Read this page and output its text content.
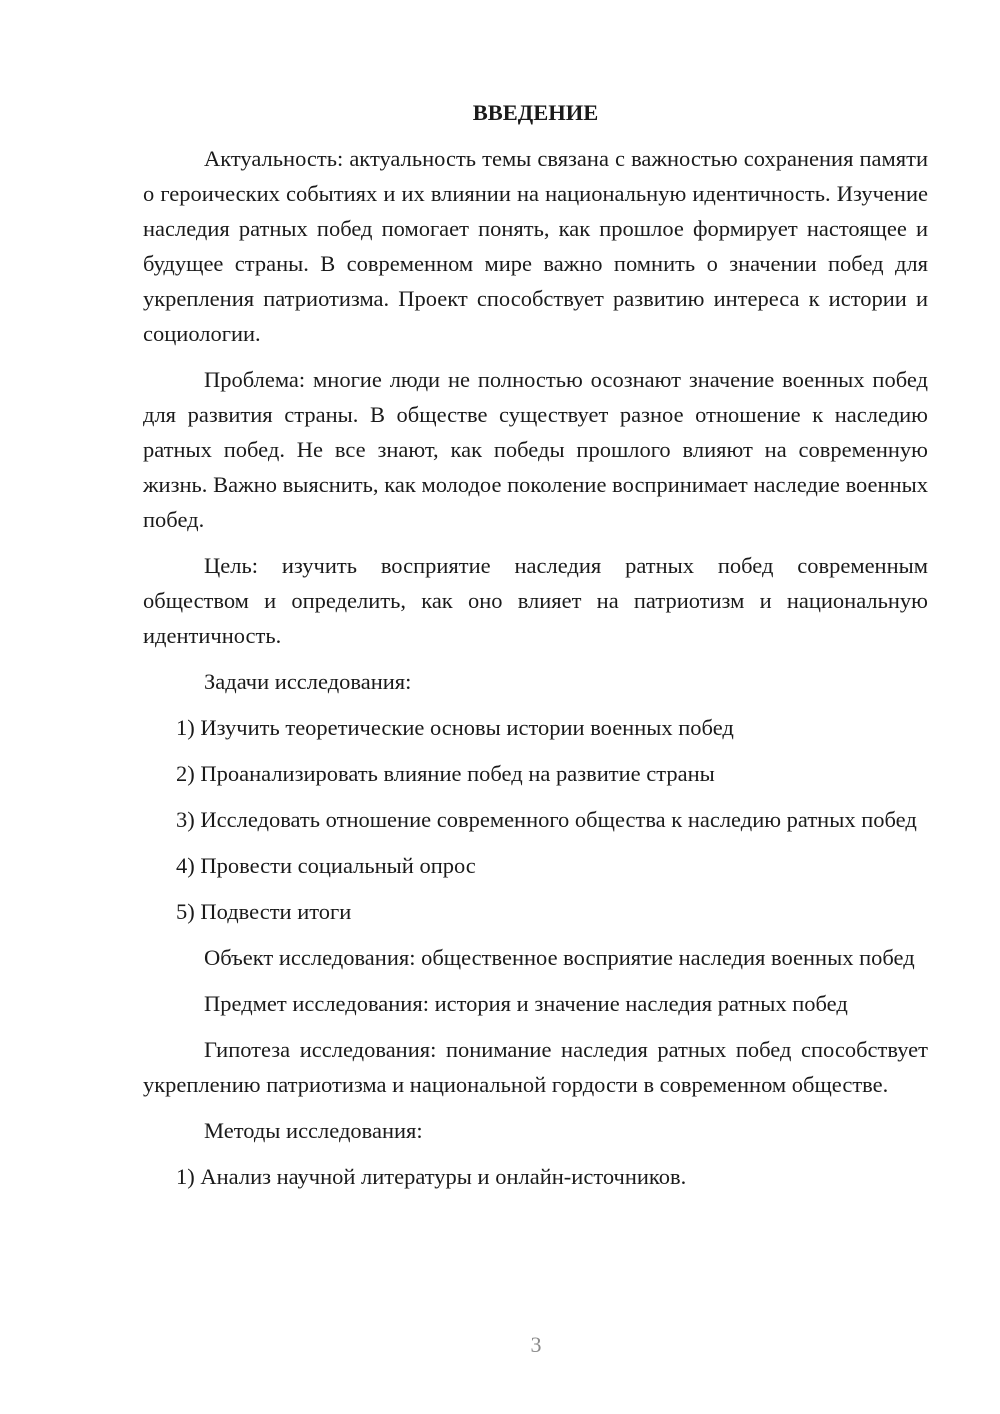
ВВЕДЕНИЕ

Актуальность: актуальность темы связана с важностью сохранения памяти о героических событиях и их влиянии на национальную идентичность. Изучение наследия ратных побед помогает понять, как прошлое формирует настоящее и будущее страны. В современном мире важно помнить о значении побед для укрепления патриотизма. Проект способствует развитию интереса к истории и социологии.

Проблема: многие люди не полностью осознают значение военных побед для развития страны. В обществе существует разное отношение к наследию ратных побед. Не все знают, как победы прошлого влияют на современную жизнь. Важно выяснить, как молодое поколение воспринимает наследие военных побед.

Цель: изучить восприятие наследия ратных побед современным обществом и определить, как оно влияет на патриотизм и национальную идентичность.

Задачи исследования:

1) Изучить теоретические основы истории военных побед

2) Проанализировать влияние побед на развитие страны

3) Исследовать отношение современного общества к наследию ратных побед

4) Провести социальный опрос

5) Подвести итоги

Объект исследования: общественное восприятие наследия военных побед

Предмет исследования: история и значение наследия ратных побед

Гипотеза исследования: понимание наследия ратных побед способствует укреплению патриотизма и национальной гордости в современном обществе.

Методы исследования:

1) Анализ научной литературы и онлайн-источников.

3
